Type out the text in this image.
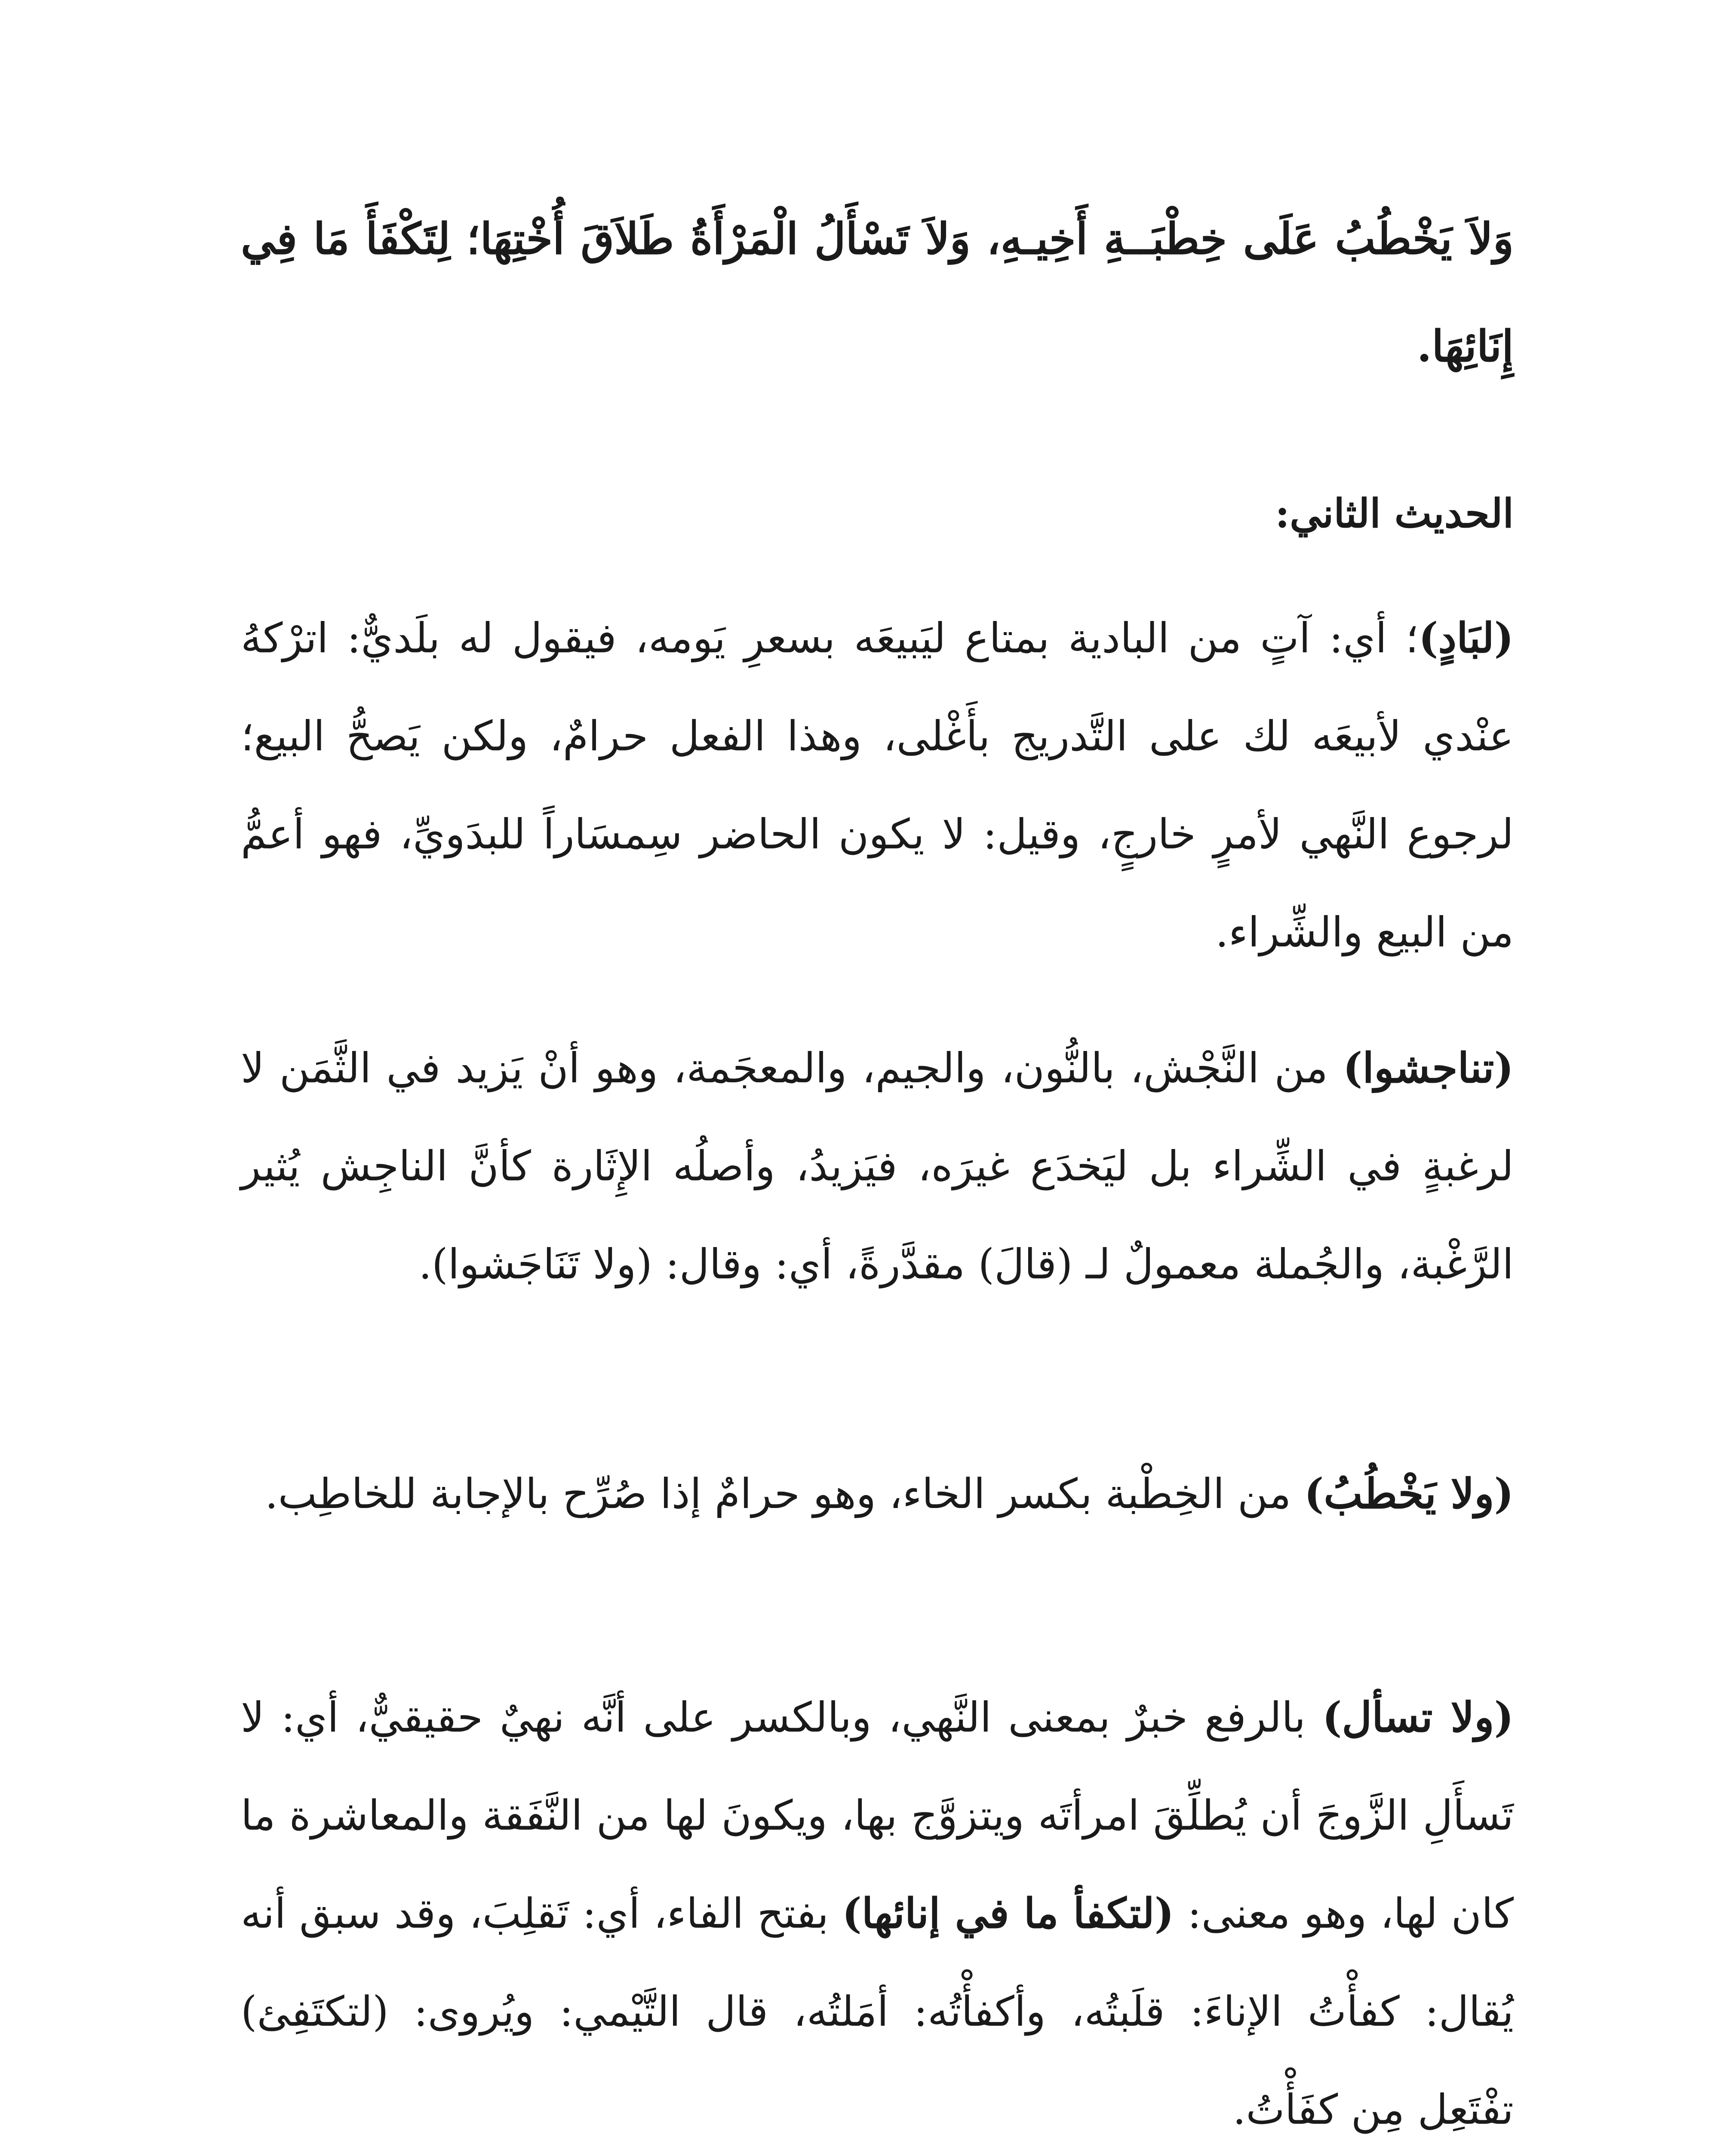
وَلاَ يَخْطُبُ عَلَى خِطْبَــةِ أَخِيـهِ، وَلاَ تَسْأَلُ الْمَرْأَةُ طَلاَقَ أُخْتِهَا؛ لِتَكْفَأَ مَا فِي إِنَائِهَا.

الحديث الثاني:

(لبَادٍ)؛ أي: آتٍ من البادية بمتاع ليَبيعَه بسعرِ يَومه، فيقول له بلَديٌّ: اترْكهُ عنْدي لأبيعَه لك على التَّدريج بأَغْلى، وهذا الفعل حرامٌ، ولكن يَصحُّ البيع؛ لرجوع النَّهي لأمرٍ خارجٍ، وقيل: لا يكون الحاضر سِمسَاراً للبدَويِّ، فهو أعمُّ من البيع والشِّراء.

(تناجشوا) من النَّجْش، بالنُّون، والجيم، والمعجَمة، وهو أنْ يَزيد في الثَّمَن لا لرغبةٍ في الشِّراء بل ليَخدَع غيرَه، فيَزيدُ، وأصلُه الإِثَارة كأنَّ الناجِش يُثير الرَّغْبة، والجُملة معمولٌ لـ (قالَ) مقدَّرةً، أي: وقال: (ولا تَنَاجَشوا).

(ولا يَخْطُبُ) من الخِطْبة بكسر الخاء، وهو حرامٌ إذا صُرِّح بالإجابة للخاطِب.

(ولا تسأل) بالرفع خبرٌ بمعنى النَّهي، وبالكسر على أنَّه نهيٌ حقيقيٌّ، أي: لا تَسأَلِ الزَّوجَ أن يُطلِّقَ امرأتَه ويتزوَّج بها، ويكونَ لها من النَّفَقة والمعاشرة ما كان لها، وهو معنى: (لتكفأ ما في إنائها) بفتح الفاء، أي: تَقلِبَ، وقد سبق أنه يُقال: كفأْتُ الإناءَ: قلَبتُه، وأكفأْتُه: أمَلتُه، قال التَّيْمي: ويُروى: (لتكتَفِئ) تفْتَعِل مِن كفَأْتُ.
